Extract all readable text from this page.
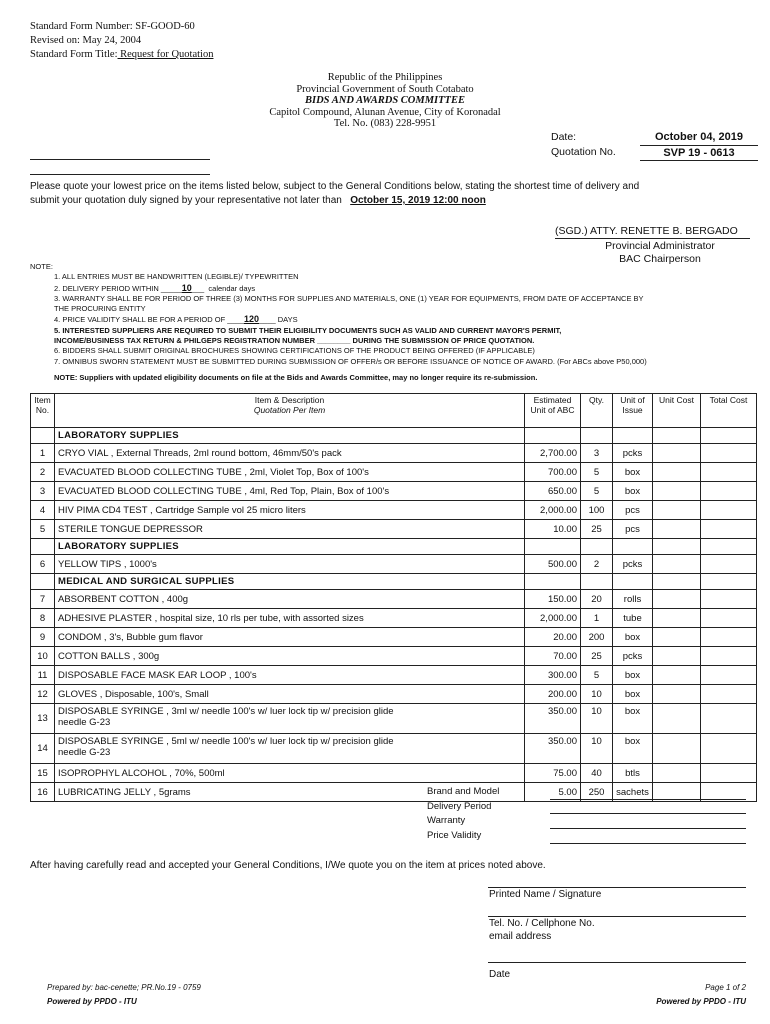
Standard Form Number: SF-GOOD-60
Revised on: May 24, 2004
Standard Form Title: Request for Quotation
Republic of the Philippines
Provincial Government of South Cotabato
BIDS AND AWARDS COMMITTEE
Capitol Compound, Alunan Avenue, City of Koronadal
Tel. No. (083) 228-9951
Date:	October 04, 2019
Quotation No.	SVP 19 - 0613
Please quote your lowest price on the items listed below, subject to the General Conditions below, stating the shortest time of delivery and
submit your quotation duly signed by your representative not later than October 15, 2019 12:00 noon
(SGD.) ATTY. RENETTE B. BERGADO
Provincial Administrator
BAC Chairperson
NOTE:
1. ALL ENTRIES MUST BE HANDWRITTEN (LEGIBLE)/ TYPEWRITTEN
2. DELIVERY PERIOD WITHIN _____10___  calendar days
3. WARRANTY SHALL BE FOR PERIOD OF THREE (3) MONTHS FOR SUPPLIES AND MATERIALS, ONE (1) YEAR FOR EQUIPMENTS, FROM DATE OF ACCEPTANCE BY
THE PROCURING ENTITY
4. PRICE VALIDITY SHALL BE FOR A PERIOD OF ____120____ DAYS
5. INTERESTED SUPPLIERS ARE REQUIRED TO SUBMIT THEIR ELIGIBILITY DOCUMENTS SUCH AS VALID AND CURRENT MAYOR'S PERMIT,
INCOME/BUSINESS TAX RETURN & PHILGEPS REGISTRATION NUMBER ________ DURING THE SUBMISSION OF PRICE QUOTATION.
6. BIDDERS SHALL SUBMIT ORIGINAL BROCHURES SHOWING CERTIFICATIONS OF THE PRODUCT BEING OFFERED (IF APPLICABLE)
7. OMNIBUS SWORN STATEMENT MUST BE SUBMITTED DURING SUBMISSION OF OFFER/s OR BEFORE ISSUANCE OF NOTICE OF AWARD. (For ABCs above P50,000)
NOTE: Suppliers with updated eligibility documents on file at the Bids and Awards Committee, may no longer require its re-submission.
Item No.	Item & Description
Quotation Per Item	Estimated Unit of ABC	Qty.	Unit of Issue	Unit Cost	Total Cost
	LABORATORY SUPPLIES					
1	CRYO VIAL , External Threads, 2ml round bottom, 46mm/50's pack	2,700.00	3	pcks		
2	EVACUATED BLOOD COLLECTING TUBE , 2ml, Violet Top, Box of 100's	700.00	5	box		
3	EVACUATED BLOOD COLLECTING TUBE , 4ml, Red Top, Plain, Box of 100's	650.00	5	box		
4	HIV PIMA CD4 TEST , Cartridge Sample vol 25 micro liters	2,000.00	100	pcs		
5	STERILE TONGUE DEPRESSOR	10.00	25	pcs		
	LABORATORY SUPPLIES					
6	YELLOW TIPS , 1000's	500.00	2	pcks		
	MEDICAL AND SURGICAL SUPPLIES					
7	ABSORBENT COTTON , 400g	150.00	20	rolls		
8	ADHESIVE PLASTER , hospital size, 10 rls per tube, with assorted sizes	2,000.00	1	tube		
9	CONDOM , 3's, Bubble gum flavor	20.00	200	box		
10	COTTON BALLS , 300g	70.00	25	pcks		
11	DISPOSABLE FACE MASK EAR LOOP , 100's	300.00	5	box		
12	GLOVES , Disposable, 100's, Small	200.00	10	box		
13	DISPOSABLE SYRINGE , 3ml w/ needle 100's w/ luer lock tip w/ precision glide
needle G-23	350.00	10	box		
14	DISPOSABLE SYRINGE , 5ml w/ needle 100's w/ luer lock tip w/ precision glide
needle G-23	350.00	10	box		
15	ISOPROPHYL ALCOHOL , 70%, 500ml	75.00	40	btls		
16	LUBRICATING JELLY , 5grams	5.00	250	sachets		
Brand and Model
Delivery Period
Warranty
Price Validity
After having carefully read and accepted your General Conditions, I/We quote you on the item at prices noted above.
Printed Name / Signature
Tel. No. / Cellphone No.
email address
Date
Prepared by: bac-cenette; PR.No.19 - 0759
Powered by PPDO - ITU
Page 1 of 2
Powered by PPDO - ITU
